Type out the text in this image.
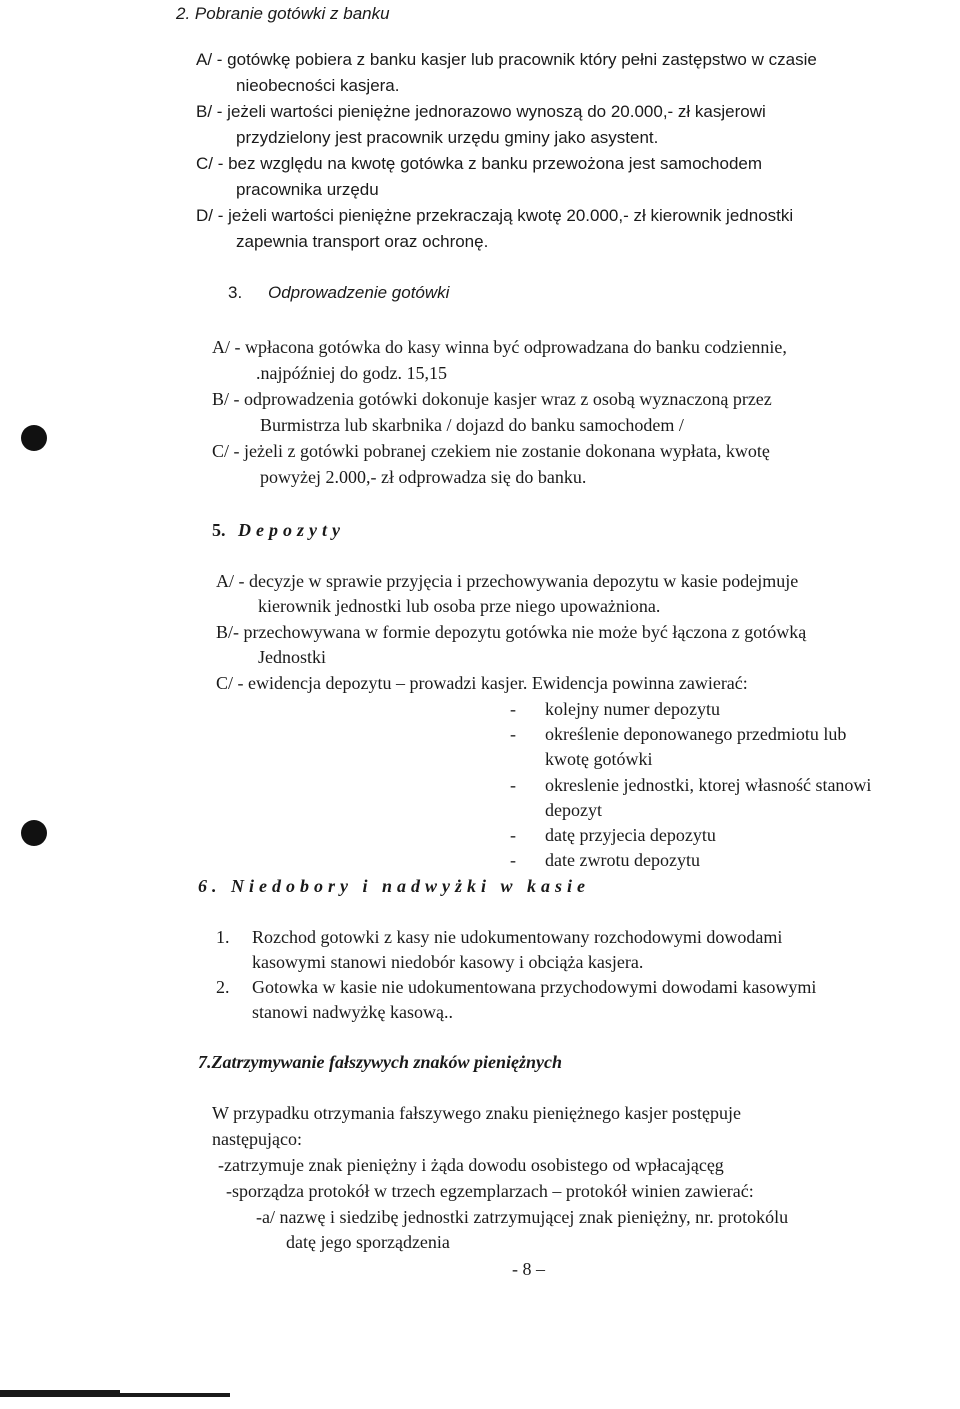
2. Pobranie gotówki z banku
A/ - gotówkę pobiera z banku kasjer lub pracownik który pełni zastępstwo w czasie
nieobecności kasjera.
B/ - jeżeli wartości pieniężne jednorazowo wynoszą do 20.000,- zł kasjerowi
przydzielony jest pracownik urzędu gminy jako asystent.
C/ - bez względu na kwotę gotówka z banku przewożona jest samochodem
pracownika urzędu
D/ - jeżeli wartości pieniężne przekraczają kwotę 20.000,- zł kierownik jednostki
zapewnia transport oraz ochronę.
3. Odprowadzenie gotówki
A/ - wpłacona gotówka do kasy winna być odprowadzana do banku codziennie,
.najpóźniej do godz. 15,15
B/ - odprowadzenia gotówki dokonuje kasjer wraz z osobą wyznaczoną przez
Burmistrza lub skarbnika / dojazd do banku samochodem /
C/ - jeżeli z gotówki pobranej czekiem nie zostanie dokonana wypłata, kwotę
powyżej 2.000,- zł odprowadza się do banku.
5. Depozyty
A/ - decyzje w sprawie przyjęcia i przechowywania depozytu w kasie podejmuje
kierownik jednostki lub osoba prze niego upoważniona.
B/- przechowywana w formie depozytu gotówka nie może być łączona z gotówką
Jednostki
C/ - ewidencja depozytu – prowadzi kasjer. Ewidencja powinna zawierać:
- kolejny numer depozytu
- określenie deponowanego przedmiotu lub
kwotę gotówki
- okreslenie jednostki, ktorej własność stanowi
depozyt
- datę przyjecia depozytu
- date zwrotu depozytu
6. Niedobory i nadwyżki w kasie
1. Rozchod gotowki z kasy nie udokumentowany rozchodowymi dowodami
kasowymi stanowi niedobór kasowy i obciąża kasjera.
2. Gotowka w kasie nie udokumentowana przychodowymi dowodami kasowymi
stanowi nadwyżkę kasową..
7.Zatrzymywanie fałszywych znaków pieniężnych
W przypadku otrzymania fałszywego znaku pieniężnego kasjer postępuje
następująco:
-zatrzymuje znak pieniężny i żąda dowodu osobistego od wpłacającęg
-sporządza protokół w trzech egzemplarzach – protokół winien zawierać:
-a/ nazwę i siedzibę jednostki zatrzymującej znak pieniężny, nr. protokólu
datę jego sporządzenia
- 8 –
